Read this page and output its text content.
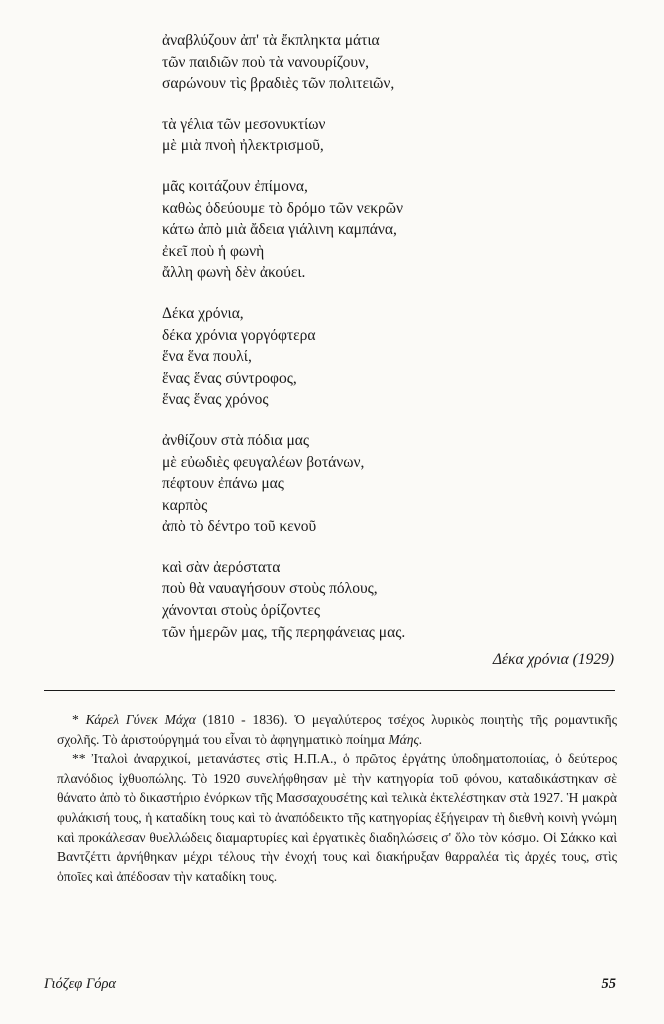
ἀναβλύζουν ἀπ' τὰ ἔκπληκτα μάτια
τῶν παιδιῶν ποὺ τὰ νανουρίζουν,
σαρώνουν τὶς βραδιὲς τῶν πολιτειῶν,
τὰ γέλια τῶν μεσονυκτίων
μὲ μιὰ πνοὴ ἠλεκτρισμοῦ,
μᾶς κοιτάζουν ἐπίμονα,
καθὼς ὁδεύουμε τὸ δρόμο τῶν νεκρῶν
κάτω ἀπὸ μιὰ ἄδεια γιάλινη καμπάνα,
ἐκεῖ ποὺ ἡ φωνὴ
ἄλλη φωνὴ δὲν ἀκούει.
Δέκα χρόνια,
δέκα χρόνια γοργόφτερα
ἕνα ἕνα πουλί,
ἕνας ἕνας σύντροφος,
ἕνας ἕνας χρόνος
ἀνθίζουν στὰ πόδια μας
μὲ εὐωδιὲς φευγαλέων βοτάνων,
πέφτουν ἐπάνω μας
καρπὸς
ἀπὸ τὸ δέντρο τοῦ κενοῦ
καὶ σὰν ἀερόστατα
ποὺ θὰ ναυαγήσουν στοὺς πόλους,
χάνονται στοὺς ὁρίζοντες
τῶν ἡμερῶν μας, τῆς περηφάνειας μας.
Δέκα χρόνια (1929)

* Κάρελ Γύνεκ Μάχα (1810 - 1836). Ὁ μεγαλύτερος τσέχος λυρικὸς ποιητὴς τῆς ρομαντικῆς σχολῆς. Τὸ ἀριστούργημά του εἶναι τὸ ἀφηγηματικὸ ποίημα Μάης.

** Ἰταλοὶ ἀναρχικοί, μετανάστες στὶς Η.Π.Α., ὁ πρῶτος ἐργάτης ὑποδηματοποιίας, ὁ δεύτερος πλανόδιος ἰχθυοπώλης. Τὸ 1920 συνελήφθησαν μὲ τὴν κατηγορία τοῦ φόνου, καταδικάστηκαν σὲ θάνατο ἀπὸ τὸ δικαστήριο ἐνόρκων τῆς Μασσαχουσέτης καὶ τελικὰ ἐκτελέστηκαν στὰ 1927. Ἡ μακρὰ φυλάκισή τους, ἡ καταδίκη τους καὶ τὸ ἀναπόδεικτο τῆς κατηγορίας ἐξήγειραν τὴ διεθνὴ κοινὴ γνώμη καὶ προκάλεσαν θυελλώδεις διαμαρτυρίες καὶ ἐργατικὲς διαδηλώσεις σ' ὅλο τὸν κόσμο. Οἱ Σάκκο καὶ Βαντζέττι ἀρνήθηκαν μέχρι τέλους τὴν ἐνοχή τους καὶ διακήρυξαν θαρραλέα τὶς ἀρχές τους, στὶς ὁποῖες καὶ ἀπέδοσαν τὴν καταδίκη τους.

Γιόζεφ Γόρα	55
